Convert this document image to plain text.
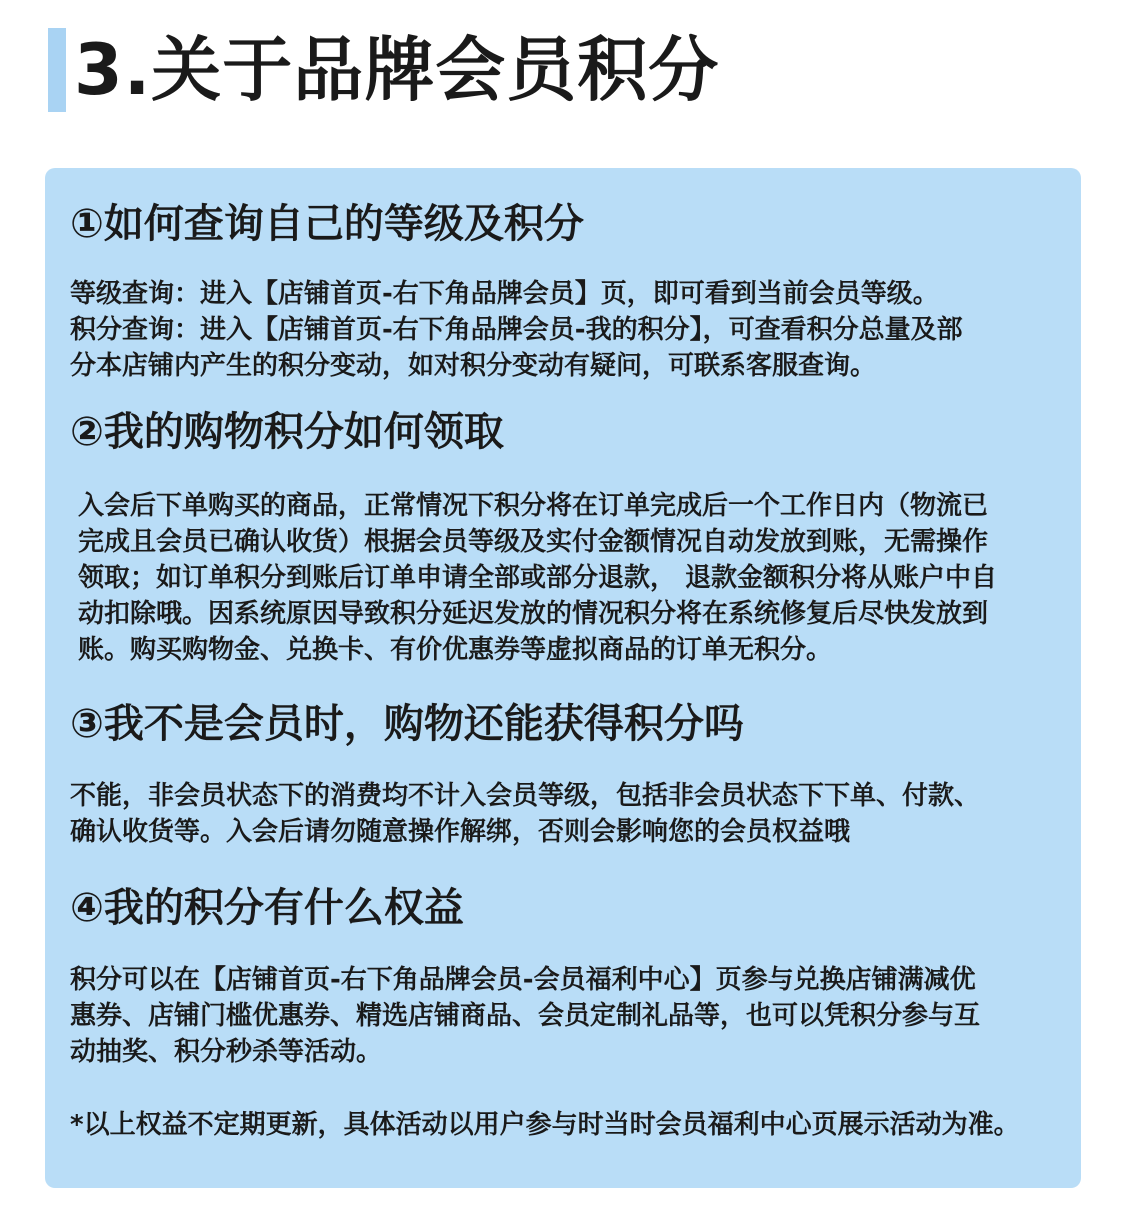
3.关于品牌会员积分
①如何查询自己的等级及积分
等级查询：进入【店铺首页-右下角品牌会员】页，即可看到当前会员等级。
积分查询：进入【店铺首页-右下角品牌会员-我的积分】，可查看积分总量及部
分本店铺内产生的积分变动，如对积分变动有疑问，可联系客服查询。
②我的购物积分如何领取
入会后下单购买的商品，正常情况下积分将在订单完成后一个工作日内（物流已
完成且会员已确认收货）根据会员等级及实付金额情况自动发放到账，无需操作
领取；如订单积分到账后订单申请全部或部分退款， 退款金额积分将从账户中自
动扣除哦。因系统原因导致积分延迟发放的情况积分将在系统修复后尽快发放到
账。购买购物金、兑换卡、有价优惠券等虚拟商品的订单无积分。
③我不是会员时，购物还能获得积分吗
不能，非会员状态下的消费均不计入会员等级，包括非会员状态下下单、付款、
确认收货等。入会后请勿随意操作解绑，否则会影响您的会员权益哦
④我的积分有什么权益
积分可以在【店铺首页-右下角品牌会员-会员福利中心】页参与兑换店铺满减优
惠券、店铺门槛优惠券、精选店铺商品、会员定制礼品等，也可以凭积分参与互
动抽奖、积分秒杀等活动。
*以上权益不定期更新，具体活动以用户参与时当时会员福利中心页展示活动为准。
